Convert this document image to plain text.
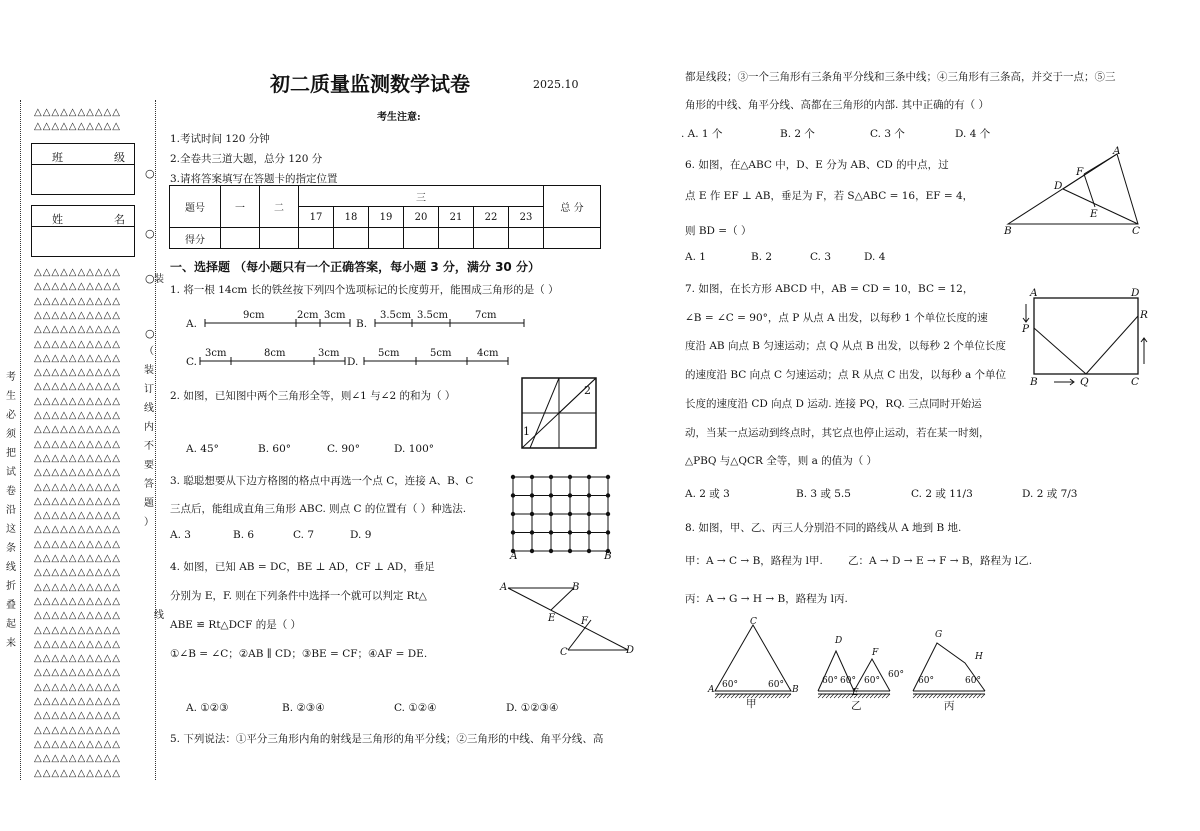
△△△△△△△△△△
△△△△△△△△△△
班	级
姓	名
△△△△△△△△△△
△△△△△△△△△△
△△△△△△△△△△
△△△△△△△△△△
△△△△△△△△△△
△△△△△△△△△△
△△△△△△△△△△
△△△△△△△△△△
△△△△△△△△△△
△△△△△△△△△△
△△△△△△△△△△
△△△△△△△△△△
△△△△△△△△△△
△△△△△△△△△△
△△△△△△△△△△
△△△△△△△△△△
△△△△△△△△△△
△△△△△△△△△△
△△△△△△△△△△
△△△△△△△△△△
△△△△△△△△△△
△△△△△△△△△△
△△△△△△△△△△
△△△△△△△△△△
△△△△△△△△△△
△△△△△△△△△△
△△△△△△△△△△
△△△△△△△△△△
△△△△△△△△△△
△△△△△△△△△△
△△△△△△△△△△
△△△△△△△△△△
△△△△△△△△△△
△△△△△△△△△△
△△△△△△△△△△
△△△△△△△△△△
考
生
必
须
把
试
卷
沿
这
条
线
折
叠
起
来
○
○
○
○
装
（
装
订
线
内
不
要
答
题
）
线
初二质量监测数学试卷	2025.10
考生注意:
1.考试时间 120 分钟
2.全卷共三道大题，总分 120 分
3.请将答案填写在答题卡的指定位置
题号	一	二	三							总 分
			17	18	19	20	21	22	23	
得分										
一、选择题 （每小题只有一个正确答案，每小题 3 分，满分 30 分）
1. 将一根 14cm 长的铁丝按下列四个选项标记的长度剪开，能围成三角形的是（ ）
A.	B.
C.	D.
9cm	2cm 3cm	3.5cm 3.5cm	7cm
3cm	8cm	3cm	5cm	5cm	4cm
2. 如图，已知图中两个三角形全等，则∠1 与∠2 的和为（ ）
A. 45°	B. 60°	C. 90°	D. 100°
1
2
3. 聪聪想要从下边方格图的格点中再选一个点 C，连接 A、B、C
三点后，能组成直角三角形 ABC. 则点 C 的位置有（ ）种选法.
A. 3	B. 6	C. 7	D. 9
A	B
4. 如图，已知 AB = DC，BE ⊥ AD，CF ⊥ AD，垂足
分别为 E，F. 则在下列条件中选择一个就可以判定 Rt△
ABE ≌ Rt△DCF 的是（ ）
①∠B = ∠C；②AB ∥ CD；③BE = CF；④AF = DE.
A. ①②③	B. ②③④	C. ①②④	D. ①②③④
A	B
E	F
C	D
5. 下列说法：①平分三角形内角的射线是三角形的角平分线；②三角形的中线、角平分线、高
都是线段；③一个三角形有三条角平分线和三条中线；④三角形有三条高，并交于一点；⑤三
角形的中线、角平分线、高都在三角形的内部. 其中正确的有（ ）
. A. 1 个	B. 2 个	C. 3 个	D. 4 个
6. 如图，在△ABC 中，D、E 分为 AB、CD 的中点，过
点 E 作 EF ⊥ AB，垂足为 F，若 S△ABC = 16，EF = 4，
则 BD =（ ）
A. 1	B. 2	C. 3	D. 4
A
F
D
E
B	C
7. 如图，在长方形 ABCD 中，AB = CD = 10，BC = 12，
∠B = ∠C = 90°，点 P 从点 A 出发，以每秒 1 个单位长度的速
度沿 AB 向点 B 匀速运动；点 Q 从点 B 出发，以每秒 2 个单位长度
的速度沿 BC 向点 C 匀速运动；点 R 从点 C 出发，以每秒 a 个单位
长度的速度沿 CD 向点 D 运动. 连接 PQ，RQ. 三点同时开始运
动，当某一点运动到终点时，其它点也停止运动，若在某一时刻，
△PBQ 与△QCR 全等，则 a 的值为（ ）
A. 2 或 3	B. 3 或 5.5	C. 2 或 11/3	D. 2 或 7/3
A	D
P
R
B	Q	C
8. 如图，甲、乙、丙三人分别沿不同的路线从 A 地到 B 地.
甲：A → C → B，路程为 l甲. 乙：A → D → E → F → B，路程为 l乙.
丙：A → G → H → B，路程为 l丙.
甲	乙	丙
60°	60°	60° 60° 60°
60°
60°	60°
A	B
C
D
E
F
G
H
